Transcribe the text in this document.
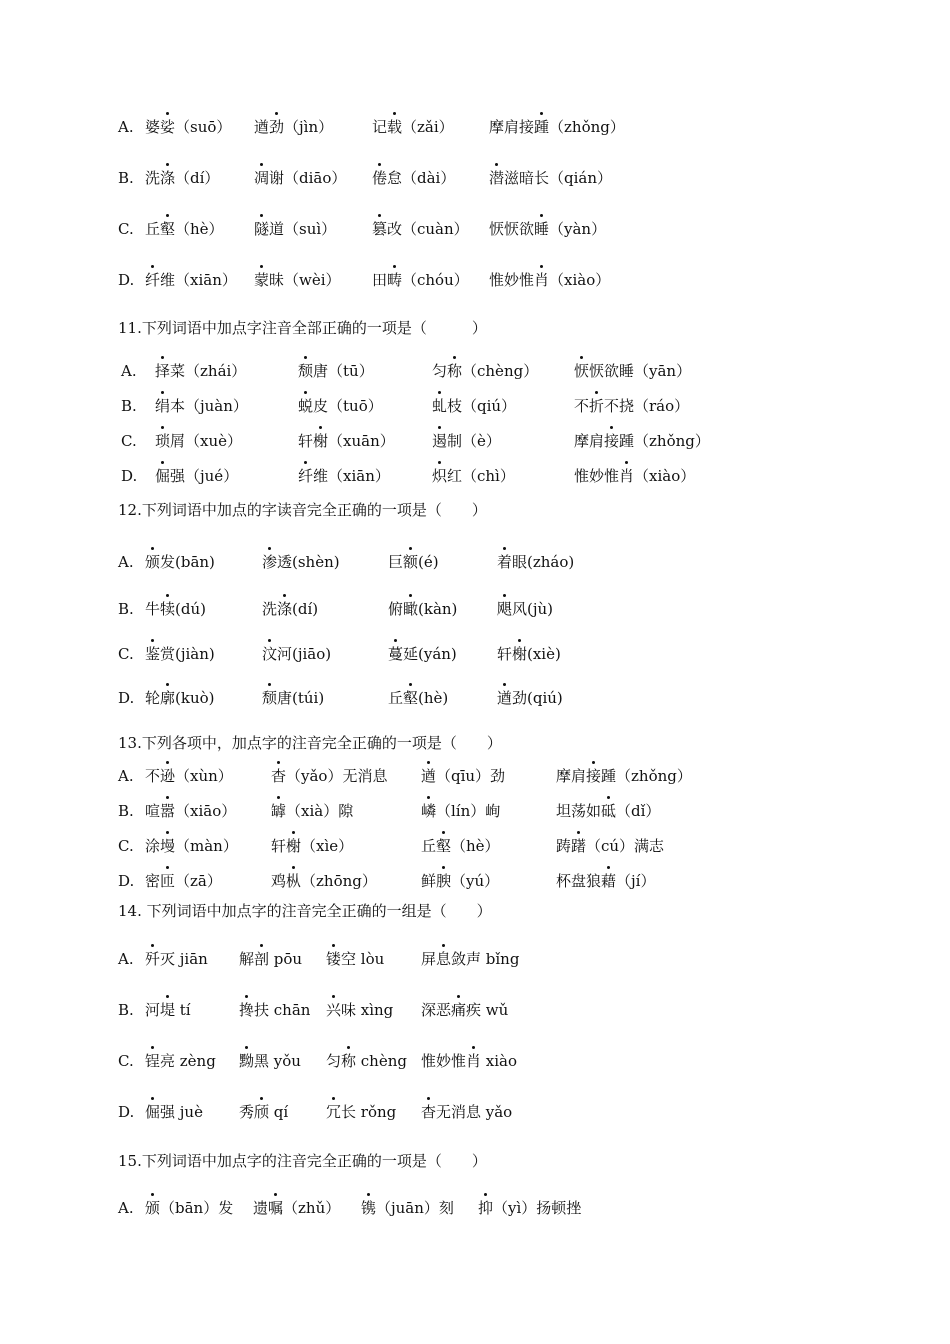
A. 婆娑（suō） 遒劲（jìn）	记载（zǎi） 摩肩接踵（zhǒng）
B. 洗涤（dí） 凋谢（diāo） 倦怠（dài） 潜滋暗长（qián）
C. 丘壑（hè） 隧道（suì） 篡改（cuàn） 恹恹欲睡（yàn）
D. 纤维（xiān） 蒙昧（wèi） 田畴（chóu） 惟妙惟肖（xiào）
11.下列词语中加点字注音全部正确的一项是（　　　）
A. 择菜（zhái）	颓唐（tū）	匀称（chèng） 恹恹欲睡（yān）
B. 绢本（juàn）	蜕皮（tuō）	虬枝（qiú）	不折不挠（ráo）
C. 琐屑（xuè）	轩榭（xuān） 遏制（è）	摩肩接踵（zhǒng）
D. 倔强（jué）	纤维（xiān）	炽红（chì）	惟妙惟肖（xiào）
12.下列词语中加点的字读音完全正确的一项是（　　）
A. 颁发(bān)	渗透(shèn)	巨额(é)	着眼(zháo)
B. 牛犊(dú)	洗涤(dí)	俯瞰(kàn)	飓风(jù)
C. 鉴赏(jiàn)	汶河(jiāo)	蔓延(yán)	轩榭(xiè)
D. 轮廓(kuò)	颓唐(túi)	丘壑(hè)	遒劲(qiú)
13.下列各项中，加点字的注音完全正确的一项是（　　）
A. 不逊（xùn）	杳（yǎo）无消息 遒（qīu）劲	摩肩接踵（zhǒng）
B. 喧嚣（xiāo） 罅（xià）隙	嶙（lín）峋	坦荡如砥（dǐ）
C. 涂墁（màn） 轩榭（xìe）	丘壑（hè）	踌躇（cú）满志
D. 密匝（zā）	鸡枞（zhōng）	鲜腴（yú）	杯盘狼藉（jí）
14. 下列词语中加点字的注音完全正确的一组是（　　）
A. 歼灭 jiān 解剖 pōu 镂空 lòu 屏息敛声 bǐng
B. 河堤 tí	搀扶 chān 兴味 xìng 深恶痛疾 wǔ
C. 锃亮 zèng 黝黑 yǒu 匀称 chèng 惟妙惟肖 xiào
D. 倔强 juè 秀颀 qí	冗长 rǒng 杳无消息 yǎo
15.下列词语中加点字的注音完全正确的一项是（　　）
A. 颁（bān）发 遗嘱（zhǔ） 镌（juān）刻 抑（yì）扬顿挫
